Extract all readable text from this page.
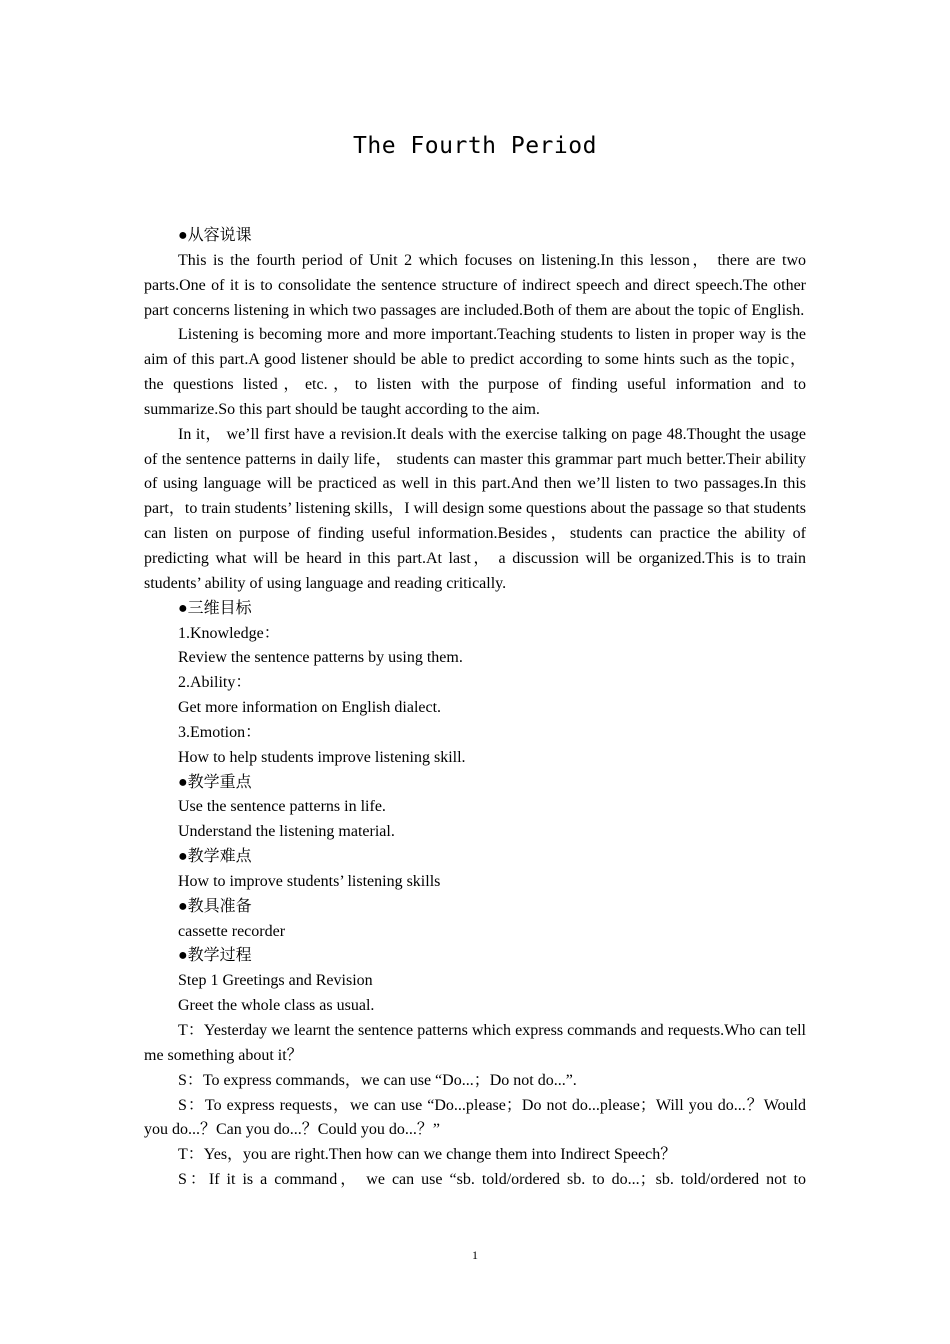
The Fourth Period

●从容说课

This is the fourth period of Unit 2 which focuses on listening.In this lesson， there are two parts.One of it is to consolidate the sentence structure of indirect speech and direct speech.The other part concerns listening in which two passages are included.Both of them are about the topic of English.

Listening is becoming more and more important.Teaching students to listen in proper way is the aim of this part.A good listener should be able to predict according to some hints such as the topic，the questions listed，etc.，to listen with the purpose of finding useful information and to summarize.So this part should be taught according to the aim.

In it， we’ll first have a revision.It deals with the exercise talking on page 48.Thought the usage of the sentence patterns in daily life， students can master this grammar part much better.Their ability of using language will be practiced as well in this part.And then we’ll listen to two passages.In this part，to train students’ listening skills，I will design some questions about the passage so that students can listen on purpose of finding useful information.Besides，students can practice the ability of predicting what will be heard in this part.At last， a discussion will be organized.This is to train students’ ability of using language and reading critically.

●三维目标

1.Knowledge：

Review the sentence patterns by using them.

2.Ability：

Get more information on English dialect.

3.Emotion：

How to help students improve listening skill.

●教学重点

Use the sentence patterns in life.

Understand the listening material.

●教学难点

How to improve students’ listening skills

●教具准备

cassette recorder

●教学过程

Step 1 Greetings and Revision

Greet the whole class as usual.

T：Yesterday we learnt the sentence patterns which express commands and requests.Who can tell me something about it？

S：To express commands，we can use “Do...；Do not do...”.

S：To express requests，we can use “Do...please；Do not do...please；Will you do...？Would you do...？Can you do...？Could you do...？”

T：Yes，you are right.Then how can we change them into Indirect Speech？

S：If it is a command， we can use “sb. told/ordered sb. to do...；sb. told/ordered not to

1
